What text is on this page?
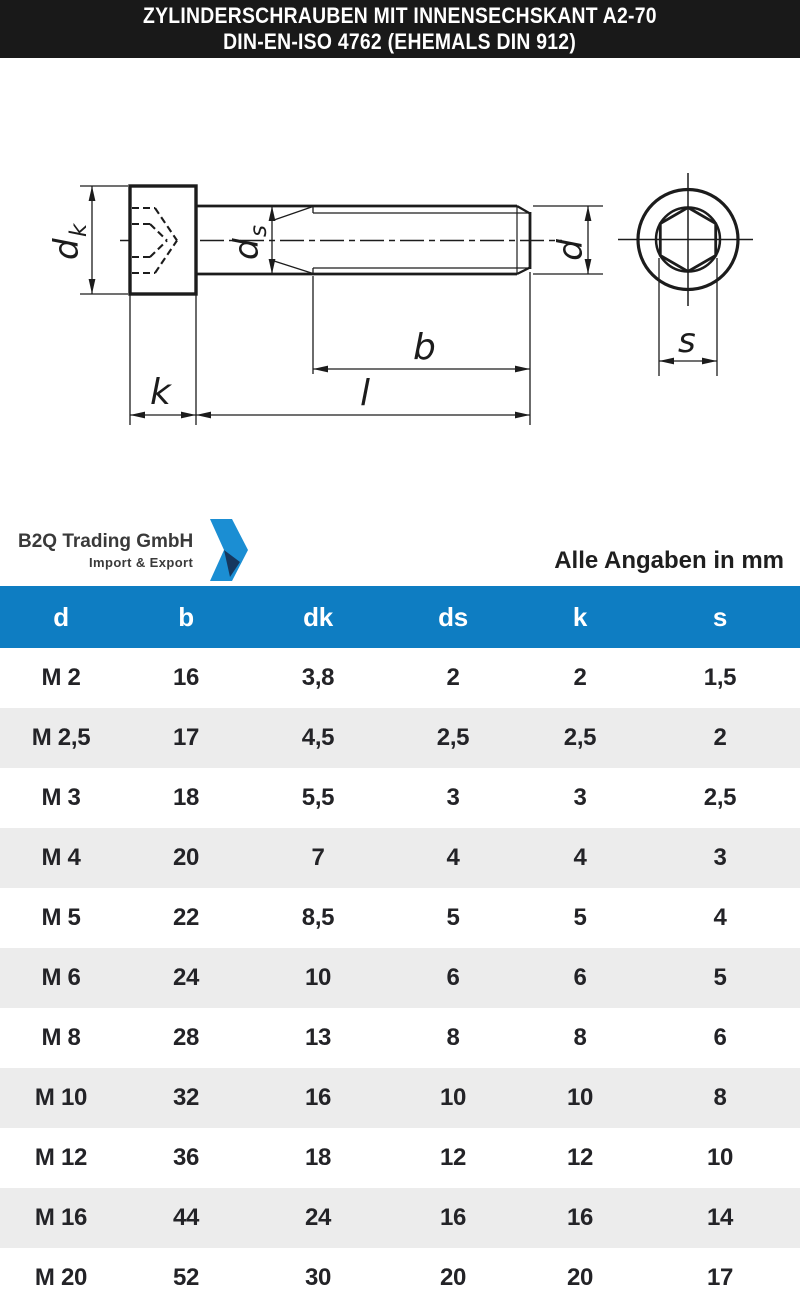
ZYLINDERSCHRAUBEN MIT INNENSECHSKANT A2-70
DIN-EN-ISO 4762 (EHEMALS DIN 912)
d
k
d
s
d
b
l
k
s
B2Q Trading GmbH
Import & Export	Alle Angaben in mm
d	b	dk	ds	k	s
M 2	16	3,8	2	2	1,5
M 2,5	17	4,5	2,5	2,5	2
M 3	18	5,5	3	3	2,5
M 4	20	7	4	4	3
M 5	22	8,5	5	5	4
M 6	24	10	6	6	5
M 8	28	13	8	8	6
M 10	32	16	10	10	8
M 12	36	18	12	12	10
M 16	44	24	16	16	14
M 20	52	30	20	20	17
